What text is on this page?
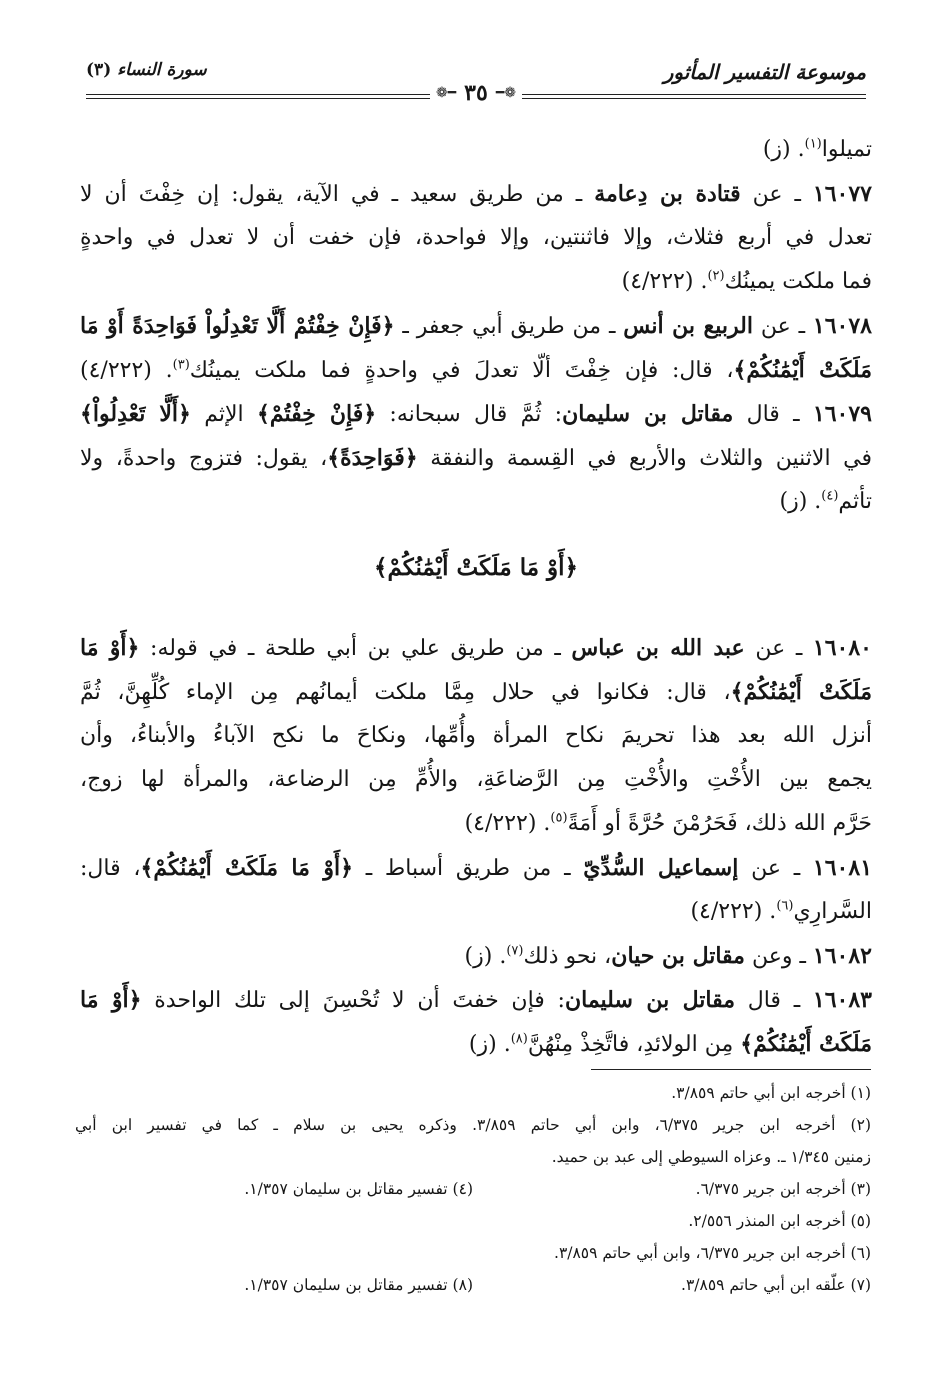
موسوعة التفسير المأثور
سورة النساء (٣)
❁━
٣٥
━❁
تميلوا$^{(١)}$. (ز)
١٦٠٧٧ ـ عن قتادة بن دِعامة ـ من طريق سعيد ـ في الآية، يقول: إن خِفْتَ أن لا
تعدل في أربع فثلاث، وإلا فاثنتين، وإلا فواحدة، فإن خفت أن لا تعدل في واحدةٍ
فما ملكت يمينُك$^{(٢)}$. (٤/٢٢٢)
١٦٠٧٨ ـ عن الربيع بن أنس ـ من طريق أبي جعفر ـ ﴿فَإِنْ خِفْتُمْ أَلَّا تَعْدِلُواْ فَوَاحِدَةً أَوْ مَا
مَلَكَتْ أَيْمَٰنُكُمْ﴾، قال: فإن خِفْتَ ألّا تعدلَ في واحدةٍ فما ملكت يمينُك$^{(٣)}$. (٤/٢٢٢)
١٦٠٧٩ ـ قال مقاتل بن سليمان: ثُمَّ قال سبحانه: ﴿فَإِنْ خِفْتُمْ﴾ الإثم ﴿أَلَّا تَعْدِلُواْ﴾
في الاثنين والثلاث والأربع في القِسمة والنفقة ﴿فَوَاحِدَةً﴾، يقول: فتزوج واحدةً، ولا
تأثم$^{(٤)}$. (ز)
١٦٠٨٠ ـ عن عبد الله بن عباس ـ من طريق علي بن أبي طلحة ـ في قوله: ﴿أَوْ مَا
مَلَكَتْ أَيْمَٰنُكُمْ﴾، قال: فكانوا في حلال مِمَّا ملكت أيمانُهم مِن الإماء كُلِّهِنَّ، ثُمَّ
أنزل الله بعد هذا تحريمَ نكاح المرأة وأُمِّها، ونكاحَ ما نكح الآباءُ والأبناءُ، وأن
يجمع بين الأُخْتِ والأُخْتِ مِن الرَّضاعَةِ، والأُمِّ مِن الرضاعة، والمرأة لها زوج،
حَرَّم الله ذلك، فَحَرُمْنَ حُرَّةً أو أَمَةً$^{(٥)}$. (٤/٢٢٢)
١٦٠٨١ ـ عن إسماعيل السُّدِّيّ ـ من طريق أسباط ـ ﴿أَوْ مَا مَلَكَتْ أَيْمَٰنُكُمْ﴾، قال:
السَّرارِي$^{(٦)}$. (٤/٢٢٢)
١٦٠٨٢ ـ وعن مقاتل بن حيان، نحو ذلك$^{(٧)}$. (ز)
١٦٠٨٣ ـ قال مقاتل بن سليمان: فإن خفتَ أن لا تُحْسِنَ إلى تلك الواحدة ﴿أَوْ مَا
مَلَكَتْ أَيْمَٰنُكُمْ﴾ مِن الولائدِ، فاتَّخِذْ مِنْهُنَّ$^{(٨)}$. (ز)
﴿أَوْ مَا مَلَكَتْ أَيْمَٰنُكُمْ﴾
(١) أخرجه ابن أبي حاتم ٣/٨٥٩.
(٢) أخرجه ابن جرير ٦/٣٧٥، وابن أبي حاتم ٣/٨٥٩. وذكره يحيى بن سلام ـ كما في تفسير ابن أبي
زمنين ١/٣٤٥ ـ. وعزاه السيوطي إلى عبد بن حميد.
(٣) أخرجه ابن جرير ٦/٣٧٥.
(٤) تفسير مقاتل بن سليمان ١/٣٥٧.
(٥) أخرجه ابن المنذر ٢/٥٥٦.
(٦) أخرجه ابن جرير ٦/٣٧٥، وابن أبي حاتم ٣/٨٥٩.
(٧) علّقه ابن أبي حاتم ٣/٨٥٩.
(٨) تفسير مقاتل بن سليمان ١/٣٥٧.
